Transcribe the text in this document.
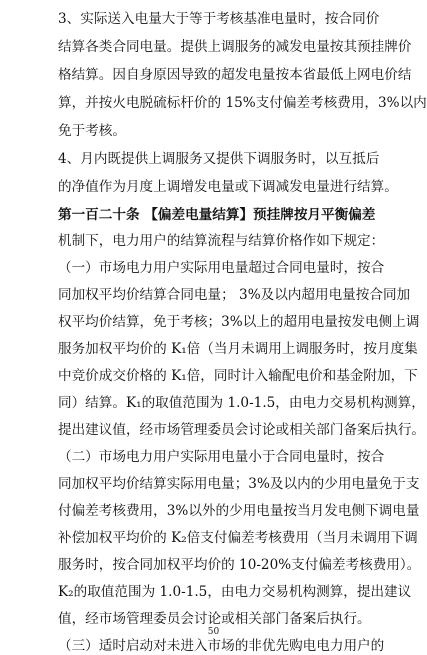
3、实际送入电量大于等于考核基准电量时，按合同价
结算各类合同电量。提供上调服务的减发电量按其预挂牌价
格结算。因自身原因导致的超发电量按本省最低上网电价结
算，并按火电脱硫标杆价的 15%支付偏差考核费用，3%以内
免于考核。
4、月内既提供上调服务又提供下调服务时，以互抵后
的净值作为月度上调增发电量或下调减发电量进行结算。
第一百二十条 【偏差电量结算】预挂牌按月平衡偏差
机制下，电力用户的结算流程与结算价格作如下规定：
（一）市场电力用户实际用电量超过合同电量时，按合
同加权平均价结算合同电量； 3%及以内超用电量按合同加
权平均价结算，免于考核；3%以上的超用电量按发电侧上调
服务加权平均价的 K₁倍（当月未调用上调服务时，按月度集
中竞价成交价格的 K₁倍，同时计入输配电价和基金附加，下
同）结算。K₁的取值范围为 1.0-1.5，由电力交易机构测算，
提出建议值，经市场管理委员会讨论或相关部门备案后执行。
（二）市场电力用户实际用电量小于合同电量时，按合
同加权平均价结算实际用电量；3%及以内的少用电量免于支
付偏差考核费用，3%以外的少用电量按当月发电侧下调电量
补偿加权平均价的 K₂倍支付偏差考核费用（当月未调用下调
服务时，按合同加权平均价的 10-20%支付偏差考核费用）。
K₂的取值范围为 1.0-1.5，由电力交易机构测算，提出建议
值，经市场管理委员会讨论或相关部门备案后执行。
（三）适时启动对未进入市场的非优先购电电力用户的
50
